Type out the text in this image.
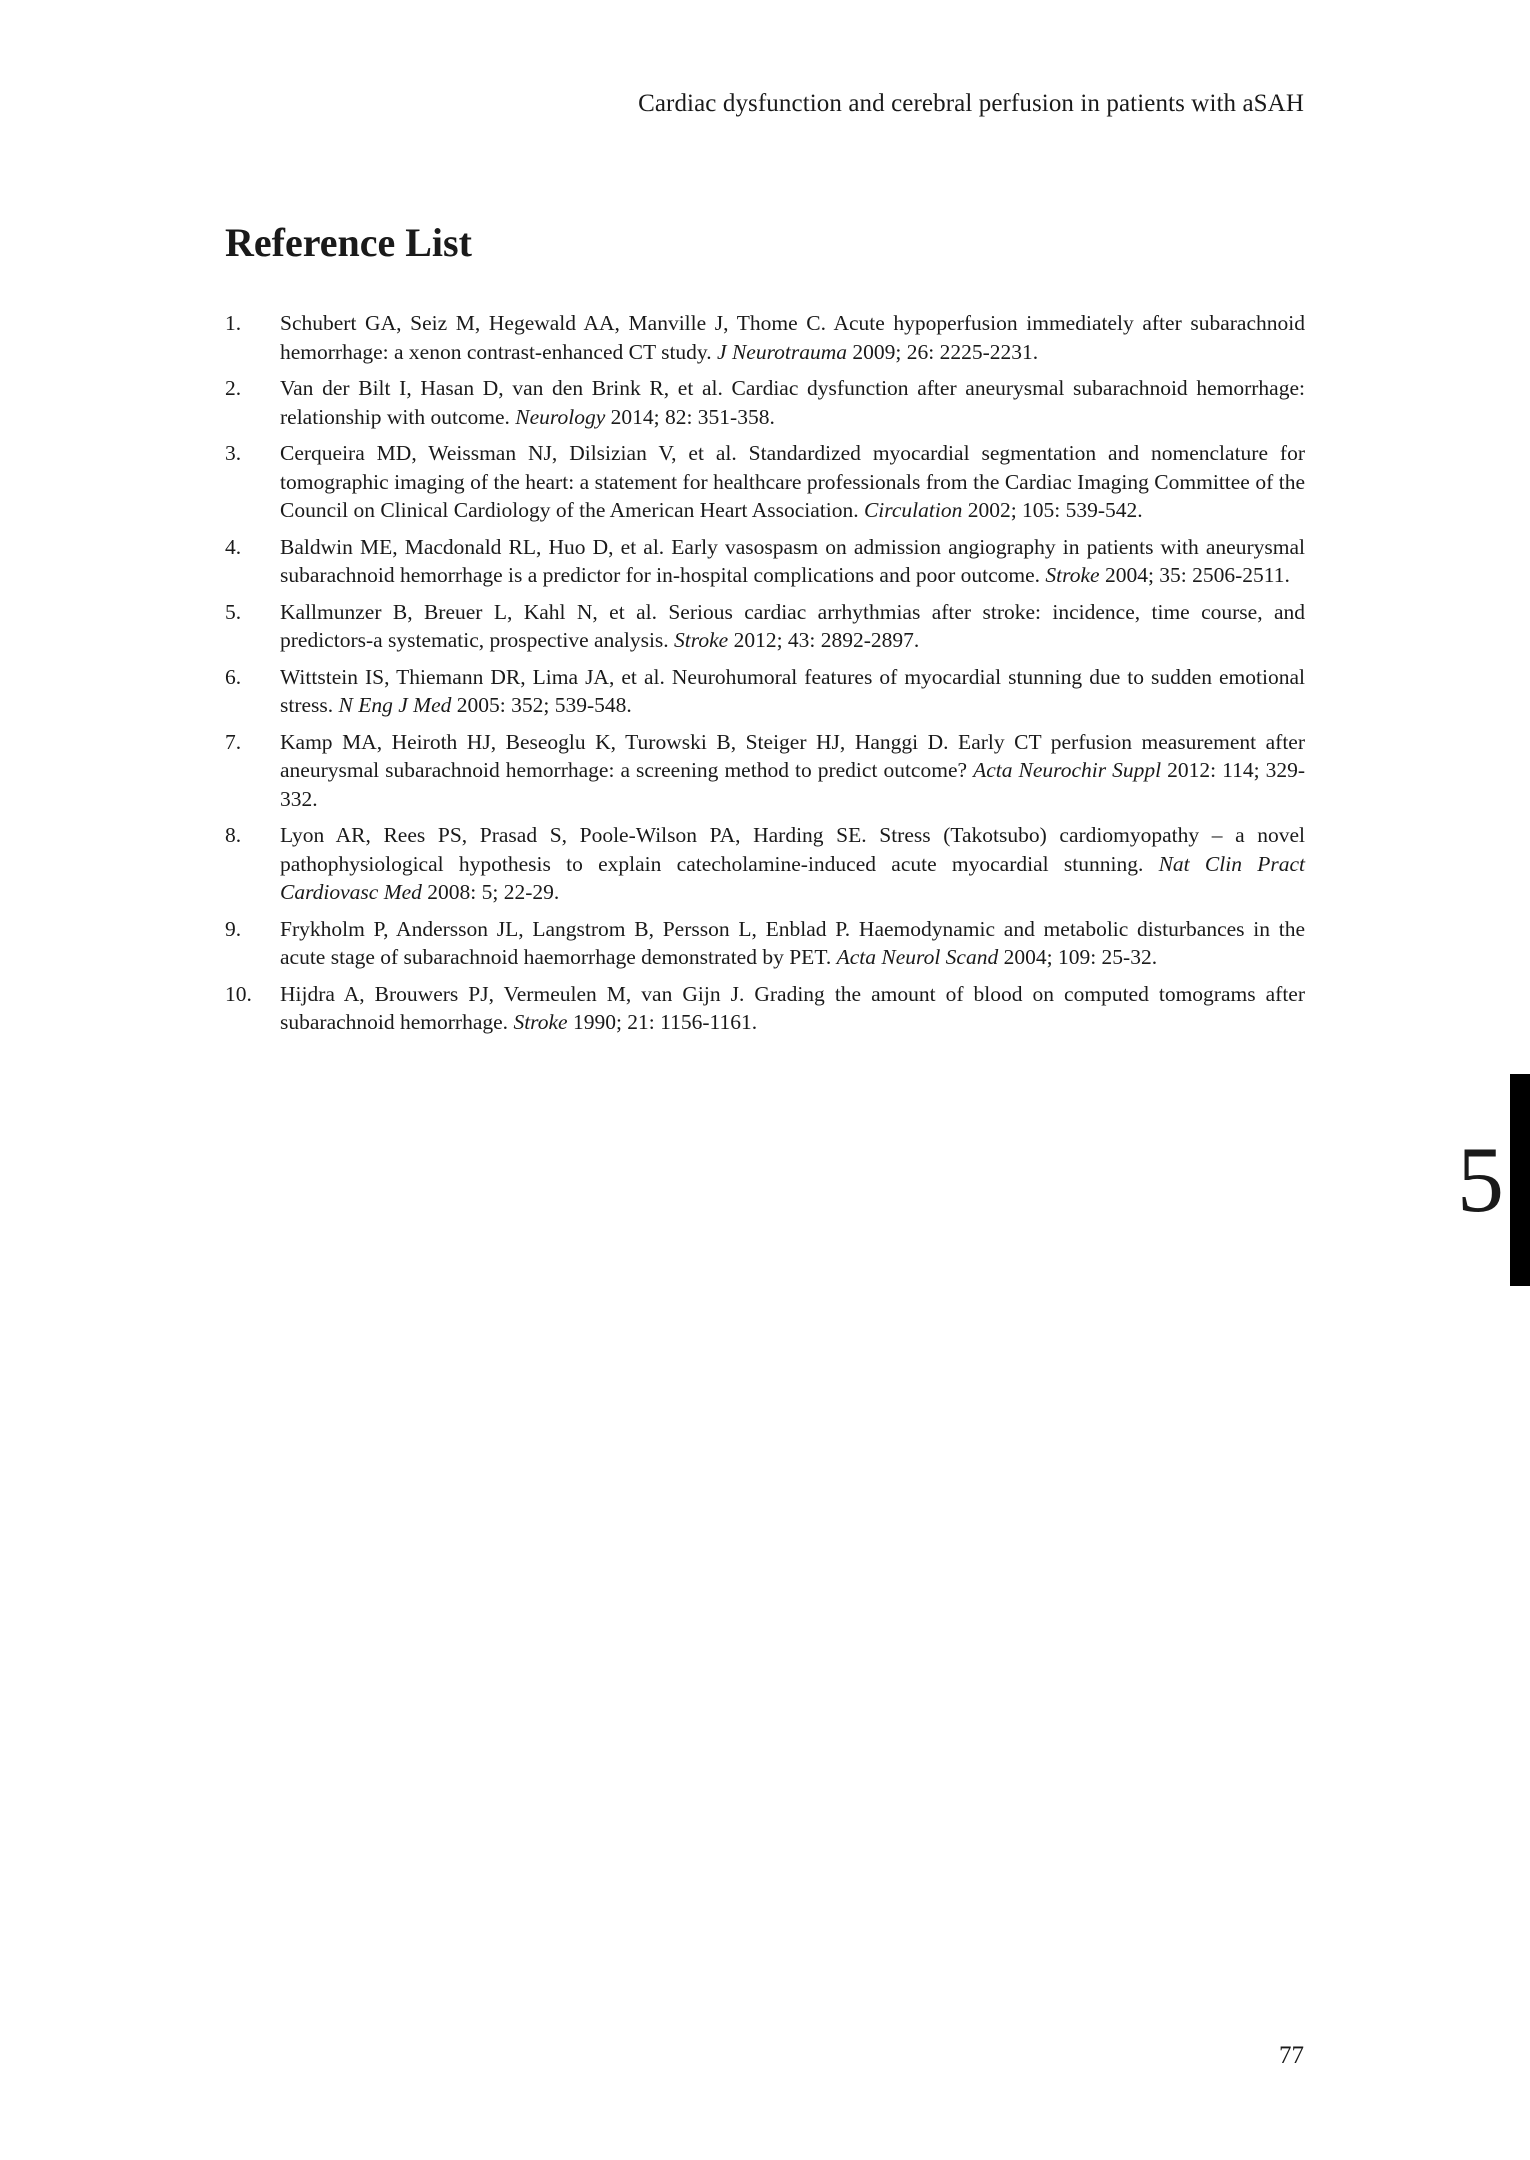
Cardiac dysfunction and cerebral perfusion in patients with aSAH
Reference List
1. Schubert GA, Seiz M, Hegewald AA, Manville J, Thome C. Acute hypoperfusion immediately after subarachnoid hemorrhage: a xenon contrast-enhanced CT study. J Neurotrauma 2009; 26: 2225-2231.
2. Van der Bilt I, Hasan D, van den Brink R, et al. Cardiac dysfunction after aneurysmal subarachnoid hemorrhage: relationship with outcome. Neurology 2014; 82: 351-358.
3. Cerqueira MD, Weissman NJ, Dilsizian V, et al. Standardized myocardial segmentation and nomenclature for tomographic imaging of the heart: a statement for healthcare professionals from the Cardiac Imaging Committee of the Council on Clinical Cardiology of the American Heart Association. Circulation 2002; 105: 539-542.
4. Baldwin ME, Macdonald RL, Huo D, et al. Early vasospasm on admission angiography in patients with aneurysmal subarachnoid hemorrhage is a predictor for in-hospital complications and poor outcome. Stroke 2004; 35: 2506-2511.
5. Kallmunzer B, Breuer L, Kahl N, et al. Serious cardiac arrhythmias after stroke: incidence, time course, and predictors-a systematic, prospective analysis. Stroke 2012; 43: 2892-2897.
6. Wittstein IS, Thiemann DR, Lima JA, et al. Neurohumoral features of myocardial stunning due to sudden emotional stress. N Eng J Med 2005: 352; 539-548.
7. Kamp MA, Heiroth HJ, Beseoglu K, Turowski B, Steiger HJ, Hanggi D. Early CT perfusion measurement after aneurysmal subarachnoid hemorrhage: a screening method to predict outcome? Acta Neurochir Suppl 2012: 114; 329-332.
8. Lyon AR, Rees PS, Prasad S, Poole-Wilson PA, Harding SE. Stress (Takotsubo) cardiomyopathy – a novel pathophysiological hypothesis to explain catecholamine-induced acute myocardial stunning. Nat Clin Pract Cardiovasc Med 2008: 5; 22-29.
9. Frykholm P, Andersson JL, Langstrom B, Persson L, Enblad P. Haemodynamic and metabolic disturbances in the acute stage of subarachnoid haemorrhage demonstrated by PET. Acta Neurol Scand 2004; 109: 25-32.
10. Hijdra A, Brouwers PJ, Vermeulen M, van Gijn J. Grading the amount of blood on computed tomograms after subarachnoid hemorrhage. Stroke 1990; 21: 1156-1161.
5
77
